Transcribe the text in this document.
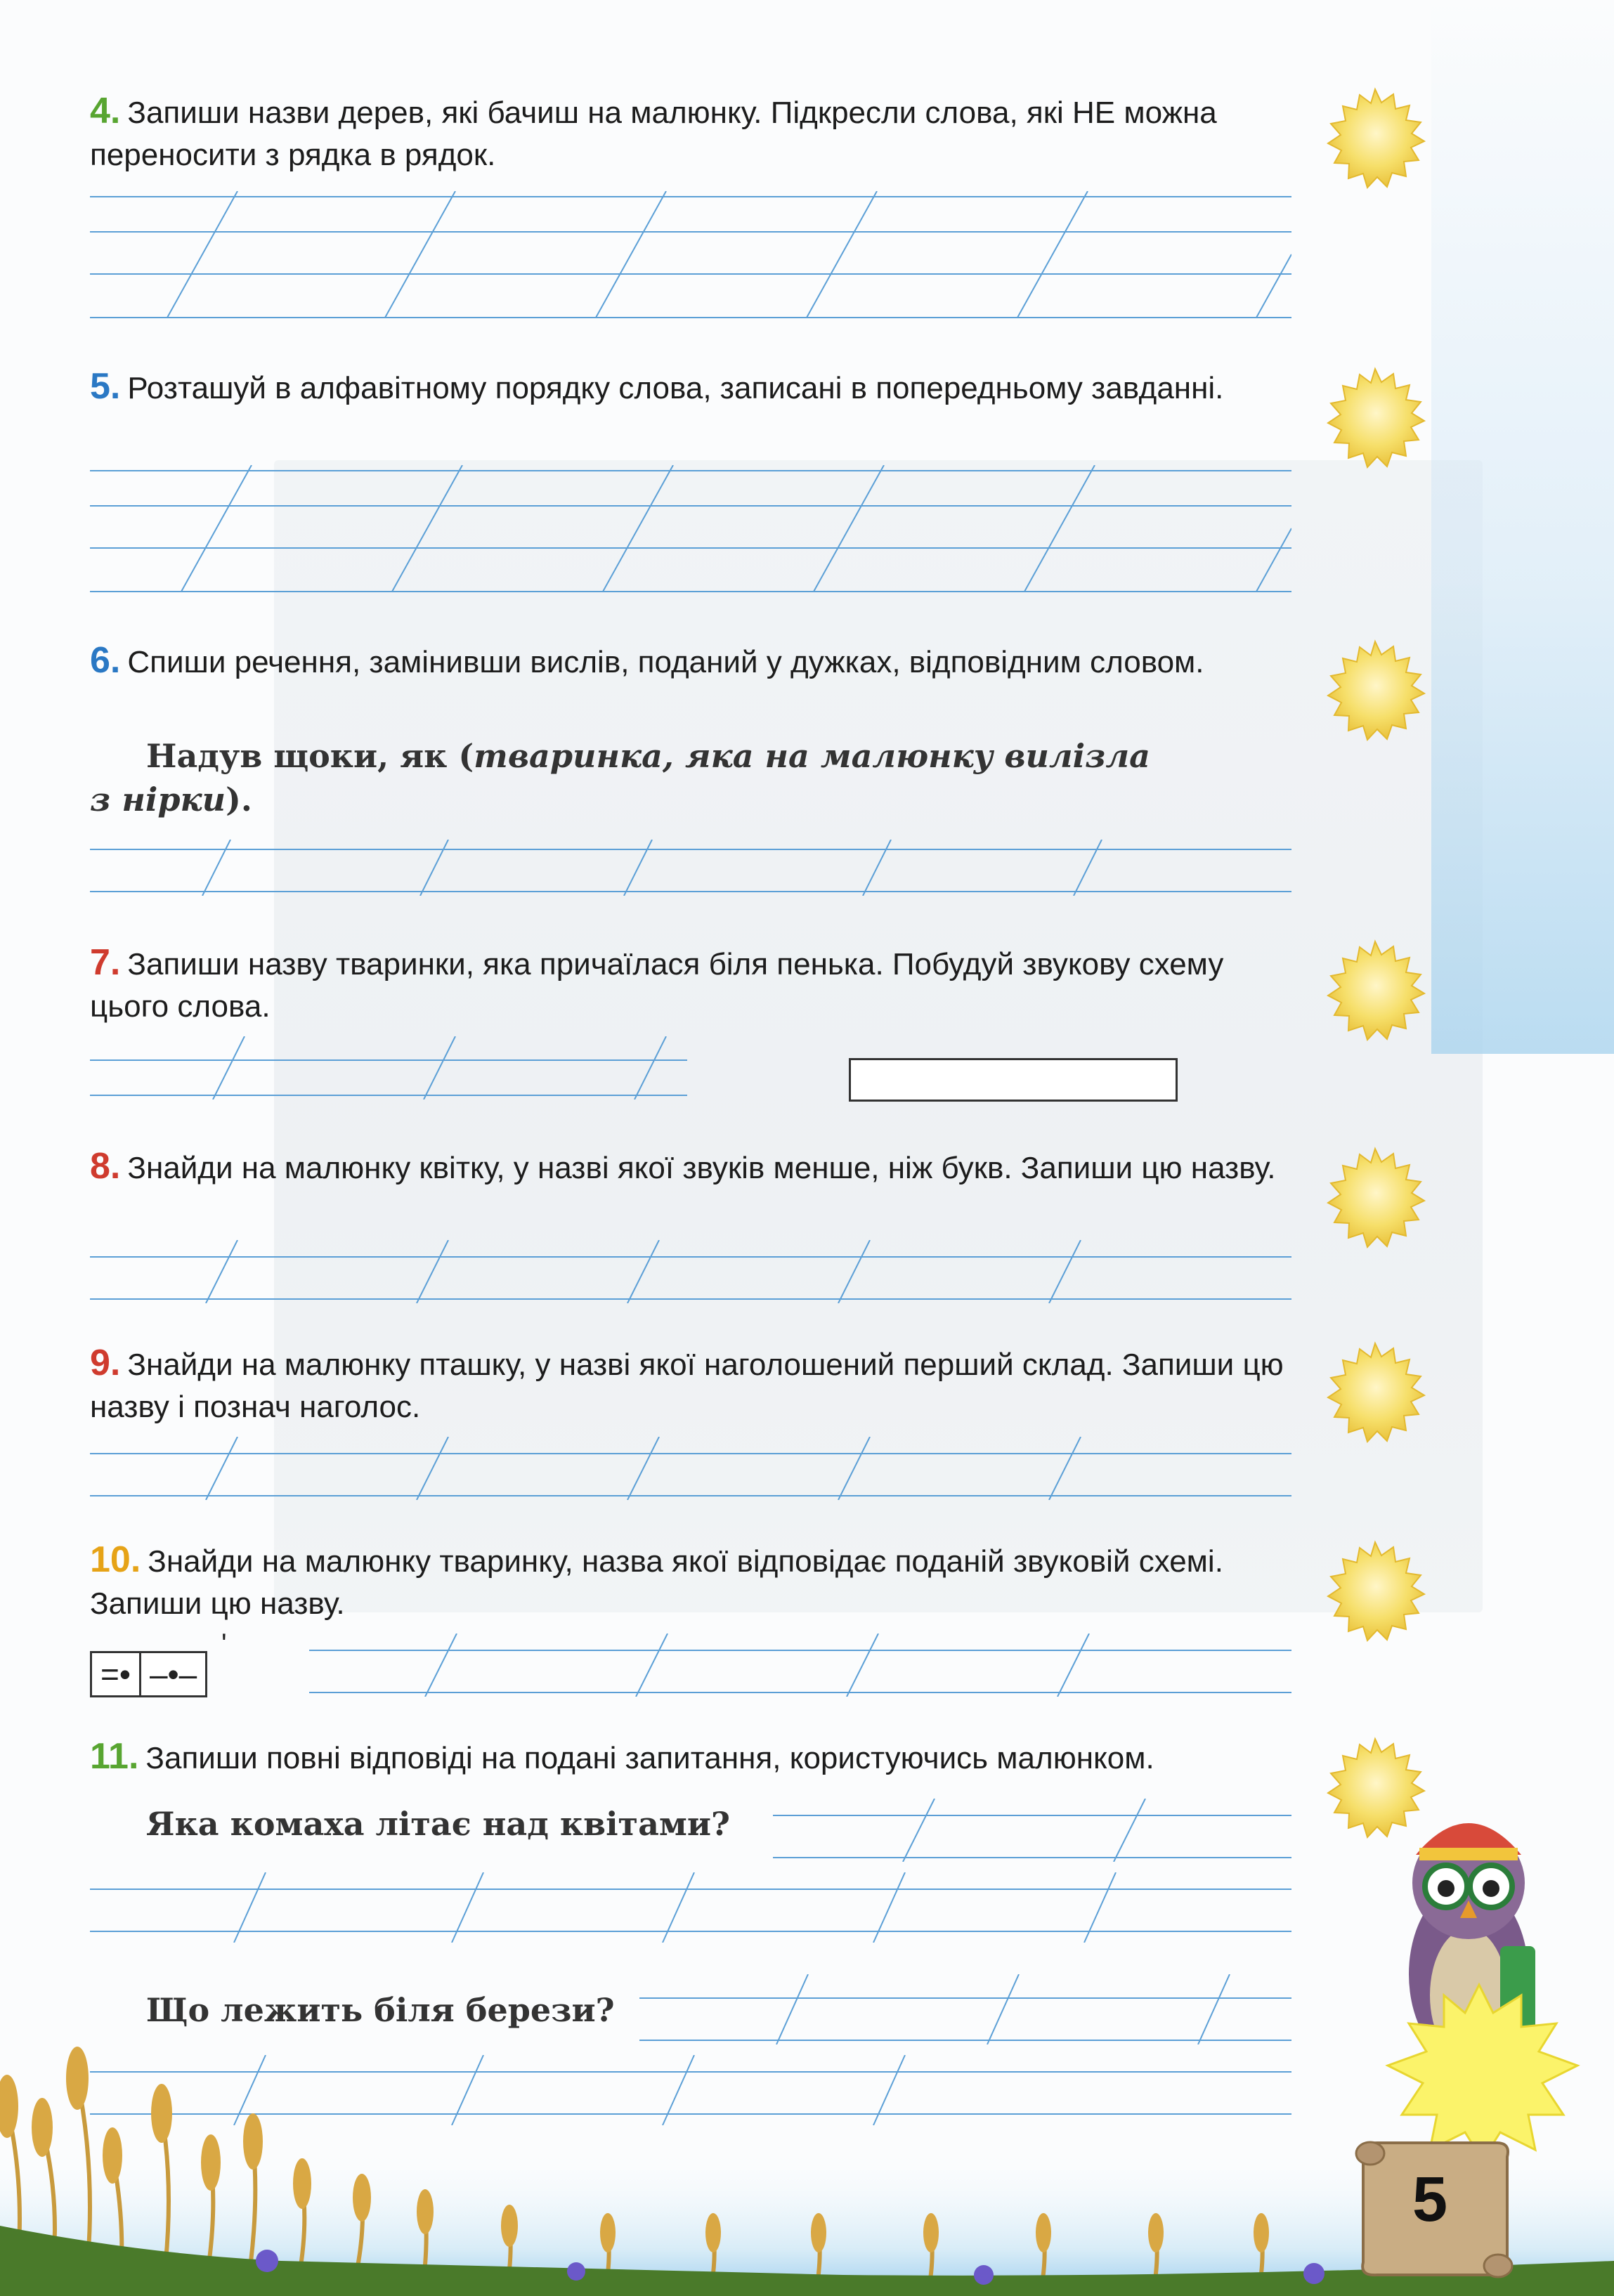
4. Запиши назви дерев, які бачиш на малюнку. Підкресли слова, які НЕ можна переносити з рядка в рядок.

5. Розташуй в алфавітному порядку слова, записані в попередньому завданні.

6. Спиши речення, замінивши вислів, поданий у дужках, відповідним словом.

Надув щоки, як (тваринка, яка на малюнку вилізла
з нірки).

7. Запиши назву тваринки, яка причаїлася біля пенька. Побудуй звукову схему цього слова.

8. Знайди на малюнку квітку, у назві якої звуків менше, ніж букв. Запиши цю назву.

9. Знайди на малюнку пташку, у назві якої наголошений перший склад. Запиши цю назву і познач наголос.

10. Знайди на малюнку тваринку, назва якої відповідає поданій звуковій схемі. Запиши цю назву.

ʹ
=• –•–

11. Запиши повні відповіді на подані запитання, користуючись малюнком.

Яка комаха літає над квітами?
Що лежить біля берези?
5
